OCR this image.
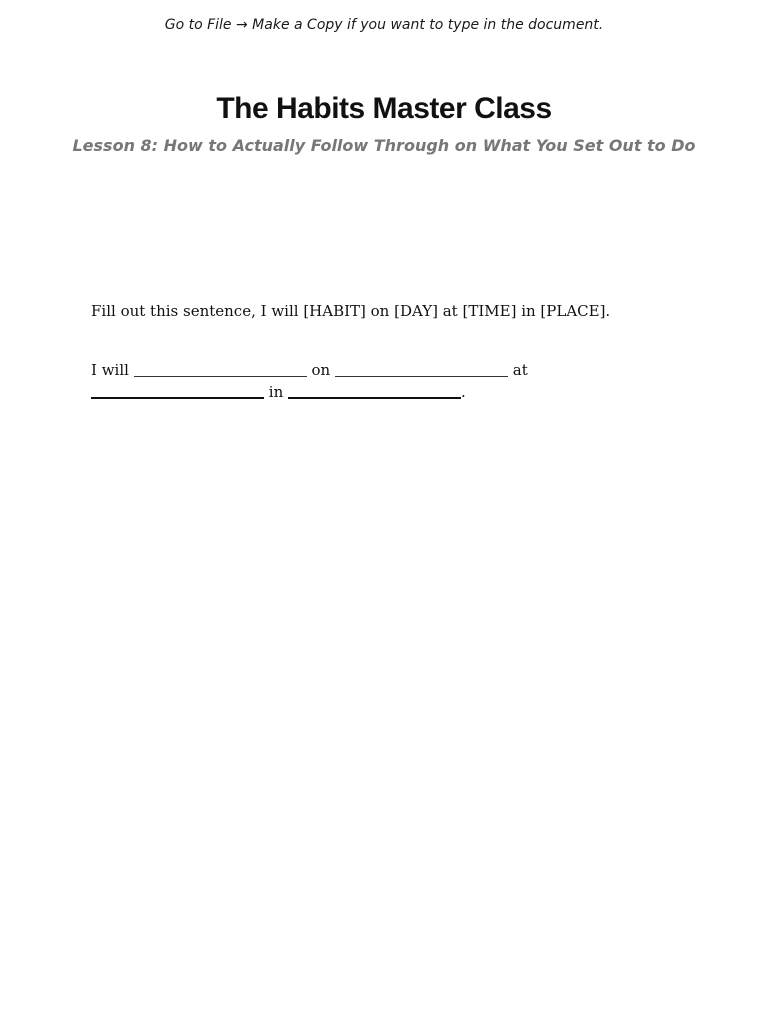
Go to File → Make a Copy if you want to type in the document.
The Habits Master Class
Lesson 8: How to Actually Follow Through on What You Set Out to Do
Fill out this sentence, I will [HABIT] on [DAY] at [TIME] in [PLACE].
I will	on	at
in	.
